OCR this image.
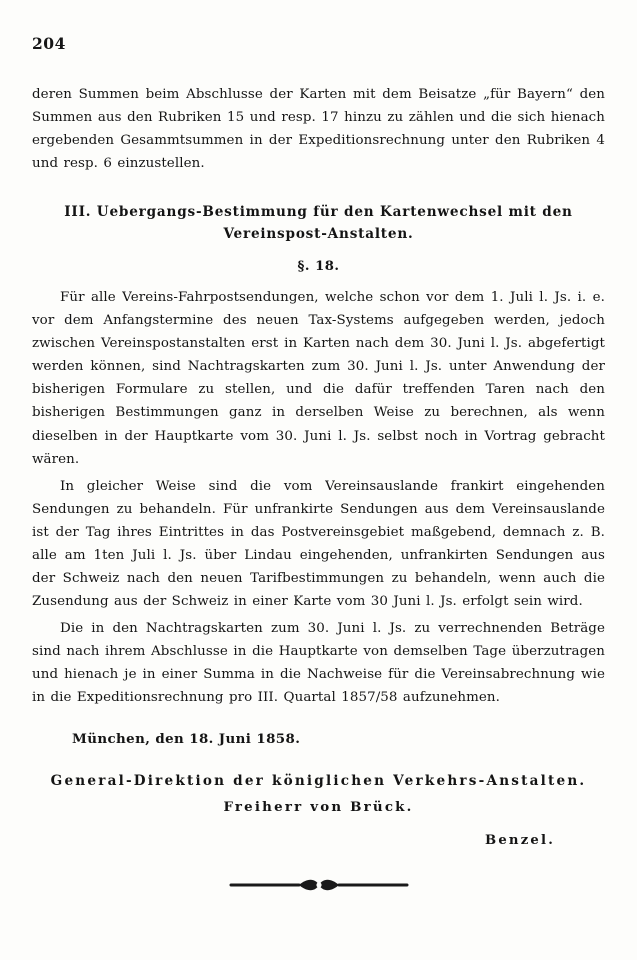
204

deren Summen beim Abschlusse der Karten mit dem Beisatze „für Bayern“ den Summen aus den Rubriken 15 und resp. 17 hinzu zu zählen und die sich hienach ergebenden Gesammtsummen in der Expeditionsrechnung unter den Rubriken 4 und resp. 6 einzustellen.

III. Uebergangs-Bestimmung für den Kartenwechsel mit den Vereinspost-Anstalten.
§. 18.

Für alle Vereins-Fahrpostsendungen, welche schon vor dem 1. Juli l. Js. i. e. vor dem Anfangstermine des neuen Tax-Systems aufgegeben werden, jedoch zwischen Vereinspostanstalten erst in Karten nach dem 30. Juni l. Js. abgefertigt werden können, sind Nachtragskarten zum 30. Juni l. Js. unter Anwendung der bisherigen Formulare zu stellen, und die dafür treffenden Taren nach den bisherigen Bestimmungen ganz in derselben Weise zu berechnen, als wenn dieselben in der Hauptkarte vom 30. Juni l. Js. selbst noch in Vortrag gebracht wären.

In gleicher Weise sind die vom Vereinsauslande frankirt eingehenden Sendungen zu behandeln. Für unfrankirte Sendungen aus dem Vereinsauslande ist der Tag ihres Eintrittes in das Postvereinsgebiet maßgebend, demnach z. B. alle am 1ten Juli l. Js. über Lindau eingehenden, unfrankirten Sendungen aus der Schweiz nach den neuen Tarifbestimmungen zu behandeln, wenn auch die Zusendung aus der Schweiz in einer Karte vom 30 Juni l. Js. erfolgt sein wird.

Die in den Nachtragskarten zum 30. Juni l. Js. zu verrechnenden Beträge sind nach ihrem Abschlusse in die Hauptkarte von demselben Tage überzutragen und hienach je in einer Summa in die Nachweise für die Vereinsabrechnung wie in die Expeditionsrechnung pro III. Quartal 1857/58 aufzunehmen.

München, den 18. Juni 1858.
General-Direktion der königlichen Verkehrs-Anstalten.
Freiherr von Brück.
Benzel.
